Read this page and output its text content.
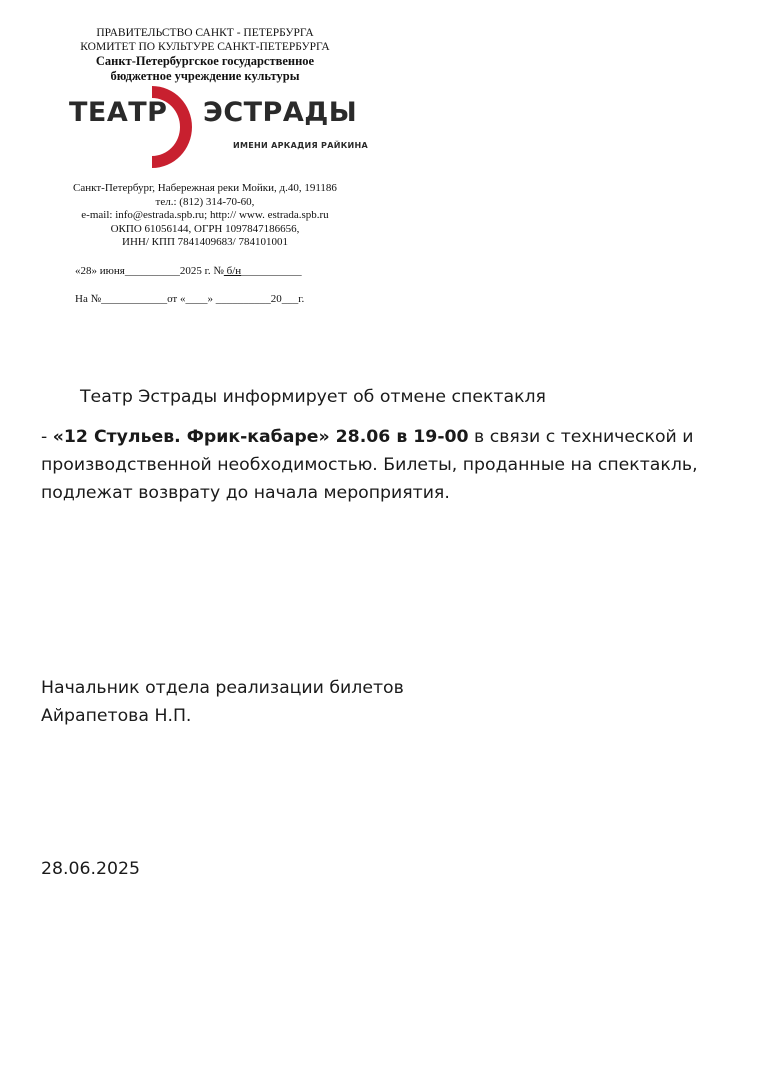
ПРАВИТЕЛЬСТВО САНКТ - ПЕТЕРБУРГА
КОМИТЕТ ПО КУЛЬТУРЕ САНКТ-ПЕТЕРБУРГА
Санкт-Петербургское государственное
бюджетное учреждение культуры
ТЕАТР ЭСТРАДЫ
ИМЕНИ АРКАДИЯ РАЙКИНА
Санкт-Петербург, Набережная реки Мойки, д.40, 191186
тел.: (812) 314-70-60,
e-mail: info@estrada.spb.ru; http:// www. estrada.spb.ru
ОКПО 61056144, ОГРН 1097847186656,
ИНН/ КПП 7841409683/ 784101001
«28» июня__________2025 г. № б/н___________
На №____________от «____» __________20___г.
Театр Эстрады информирует об отмене спектакля
- «12 Стульев. Фрик-кабаре» 28.06 в 19-00 в связи с технической и
производственной необходимостью. Билеты, проданные на спектакль,
подлежат возврату до начала мероприятия.
Начальник отдела реализации билетов
Айрапетова Н.П.
28.06.2025
